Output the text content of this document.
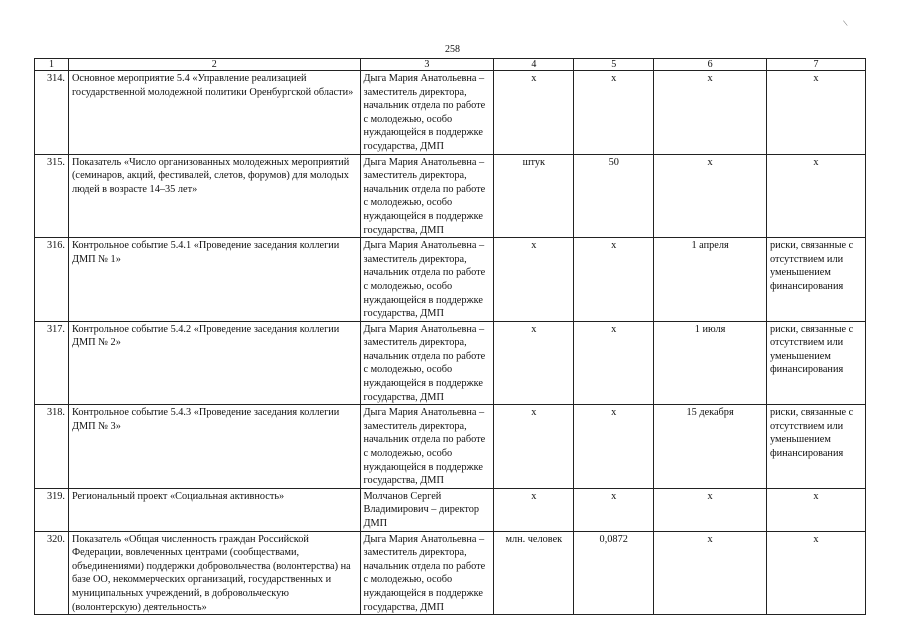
\
258
1	2	3	4	5	6	7
314.	Основное мероприятие 5.4 «Управление реализацией государственной молодежной политики Оренбургской области»	Дыга Мария Анатольевна – заместитель директора, начальник отдела по работе с молодежью, особо нуждающейся в поддержке государства, ДМП	х	х	х	х
315.	Показатель «Число организованных молодежных мероприятий (семинаров, акций, фестивалей, слетов, форумов) для молодых людей в возрасте 14–35 лет»	Дыга Мария Анатольевна – заместитель директора, начальник отдела по работе с молодежью, особо нуждающейся в поддержке государства, ДМП	штук	50	х	х
316.	Контрольное событие 5.4.1 «Проведение заседания коллегии ДМП № 1»	Дыга Мария Анатольевна – заместитель директора, начальник отдела по работе с молодежью, особо нуждающейся в поддержке государства, ДМП	х	х	1 апреля	риски, связанные с отсутствием или уменьшением финансирования
317.	Контрольное событие 5.4.2 «Проведение заседания коллегии ДМП № 2»	Дыга Мария Анатольевна – заместитель директора, начальник отдела по работе с молодежью, особо нуждающейся в поддержке государства, ДМП	х	х	1 июля	риски, связанные с отсутствием или уменьшением финансирования
318.	Контрольное событие 5.4.3 «Проведение заседания коллегии ДМП № 3»	Дыга Мария Анатольевна – заместитель директора, начальник отдела по работе с молодежью, особо нуждающейся в поддержке государства, ДМП	х	х	15 декабря	риски, связанные с отсутствием или уменьшением финансирования
319.	Региональный проект «Социальная активность»	Молчанов Сергей Владимирович – директор ДМП	х	х	х	х
320.	Показатель «Общая численность граждан Российской Федерации, вовлеченных центрами (сообществами, объединениями) поддержки добровольчества (волонтерства) на базе ОО, некоммерческих организаций, государственных и муниципальных учреждений, в добровольческую (волонтерскую) деятельность»	Дыга Мария Анатольевна – заместитель директора, начальник отдела по работе с молодежью, особо нуждающейся в поддержке государства, ДМП	млн. человек	0,0872	х	х
